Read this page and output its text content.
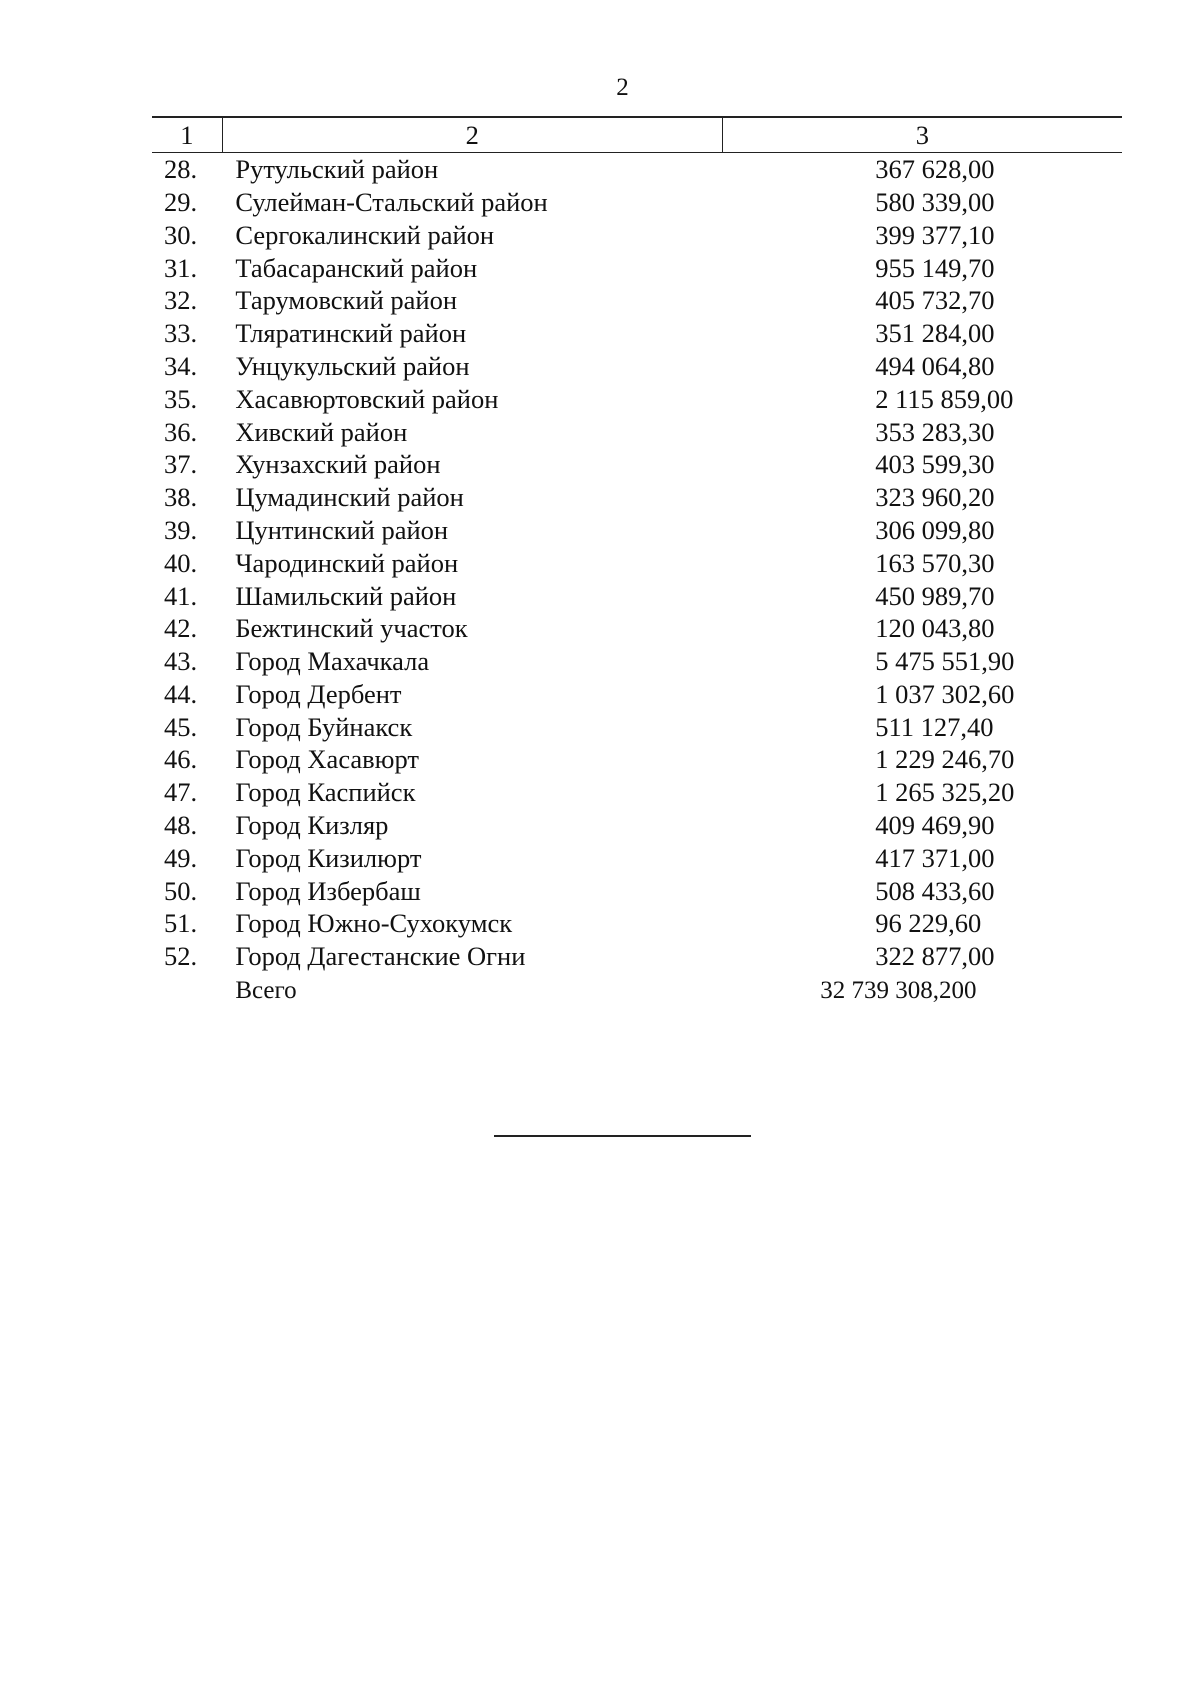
2
1	2	3
28.	Рутульский район	367 628,00
29.	Сулейман-Стальский район	580 339,00
30.	Сергокалинский район	399 377,10
31.	Табасаранский район	955 149,70
32.	Тарумовский район	405 732,70
33.	Тляратинский район	351 284,00
34.	Унцукульский район	494 064,80
35.	Хасавюртовский район	2 115 859,00
36.	Хивский район	353 283,30
37.	Хунзахский район	403 599,30
38.	Цумадинский район	323 960,20
39.	Цунтинский район	306 099,80
40.	Чародинский район	163 570,30
41.	Шамильский район	450 989,70
42.	Бежтинский участок	120 043,80
43.	Город Махачкала	5 475 551,90
44.	Город Дербент	1 037 302,60
45.	Город Буйнакск	511 127,40
46.	Город Хасавюрт	1 229 246,70
47.	Город Каспийск	1 265 325,20
48.	Город Кизляр	409 469,90
49.	Город Кизилюрт	417 371,00
50.	Город Избербаш	508 433,60
51.	Город Южно-Сухокумск	96 229,60
52.	Город Дагестанские Огни	322 877,00
	Всего	32 739 308,200
